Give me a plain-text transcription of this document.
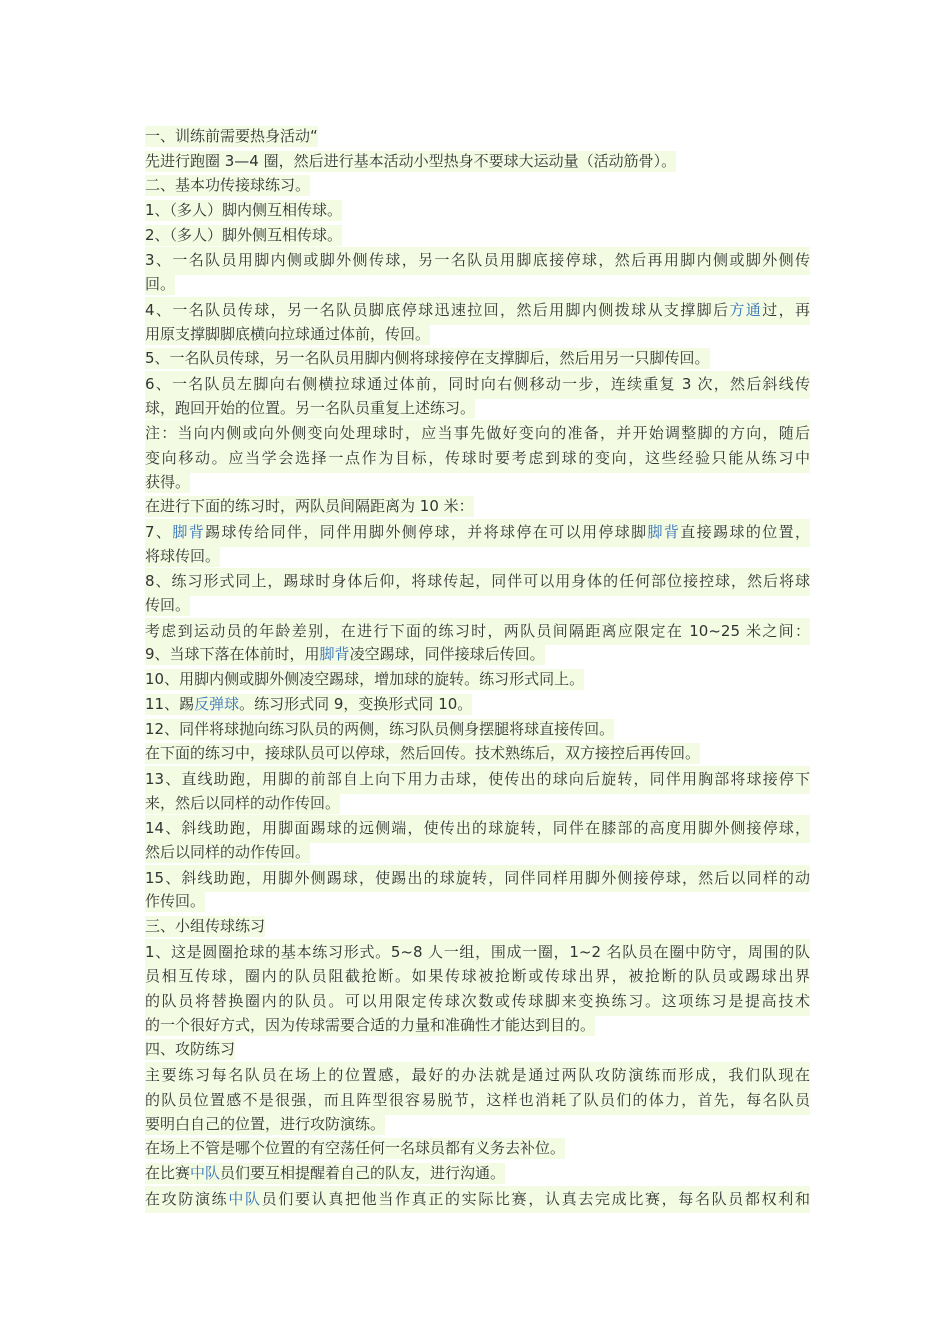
一、训练前需要热身活动“
先进行跑圈 3—4 圈，然后进行基本活动小型热身不要球大运动量（活动筋骨）。
二、基本功传接球练习。
1、（多人）脚内侧互相传球。
2、（多人）脚外侧互相传球。
3、一名队员用脚内侧或脚外侧传球，另一名队员用脚底接停球，然后再用脚内侧或脚外侧传
回。
4、一名队员传球，另一名队员脚底停球迅速拉回，然后用脚内侧拨球从支撑脚后方通过，再
用原支撑脚脚底横向拉球通过体前，传回。
5、一名队员传球，另一名队员用脚内侧将球接停在支撑脚后，然后用另一只脚传回。
6、一名队员左脚向右侧横拉球通过体前，同时向右侧移动一步，连续重复 3 次，然后斜线传
球，跑回开始的位置。另一名队员重复上述练习。
注：当向内侧或向外侧变向处理球时，应当事先做好变向的准备，并开始调整脚的方向，随后
变向移动。应当学会选择一点作为目标，传球时要考虑到球的变向，这些经验只能从练习中
获得。
在进行下面的练习时，两队员间隔距离为 10 米：
7、脚背踢球传给同伴，同伴用脚外侧停球，并将球停在可以用停球脚脚背直接踢球的位置，
将球传回。
8、练习形式同上，踢球时身体后仰，将球传起，同伴可以用身体的任何部位接控球，然后将球
传回。
考虑到运动员的年龄差别，在进行下面的练习时，两队员间隔距离应限定在 10~25 米之间：
9、当球下落在体前时，用脚背凌空踢球，同伴接球后传回。
10、用脚内侧或脚外侧凌空踢球，增加球的旋转。练习形式同上。
11、踢反弹球。练习形式同 9，变换形式同 10。
12、同伴将球抛向练习队员的两侧，练习队员侧身摆腿将球直接传回。
在下面的练习中，接球队员可以停球，然后回传。技术熟练后，双方接控后再传回。
13、直线助跑，用脚的前部自上向下用力击球，使传出的球向后旋转，同伴用胸部将球接停下
来，然后以同样的动作传回。
14、斜线助跑，用脚面踢球的远侧端，使传出的球旋转，同伴在膝部的高度用脚外侧接停球，
然后以同样的动作传回。
15、斜线助跑，用脚外侧踢球，使踢出的球旋转，同伴同样用脚外侧接停球，然后以同样的动
作传回。
三、小组传球练习
1、这是圆圈抢球的基本练习形式。5~8 人一组，围成一圈，1~2 名队员在圈中防守，周围的队
员相互传球，圈内的队员阻截抢断。如果传球被抢断或传球出界，被抢断的队员或踢球出界
的队员将替换圈内的队员。可以用限定传球次数或传球脚来变换练习。这项练习是提高技术
的一个很好方式，因为传球需要合适的力量和准确性才能达到目的。
四、攻防练习
主要练习每名队员在场上的位置感，最好的办法就是通过两队攻防演练而形成，我们队现在
的队员位置感不是很强，而且阵型很容易脱节，这样也消耗了队员们的体力，首先，每名队员
要明白自己的位置，进行攻防演练。
在场上不管是哪个位置的有空荡任何一名球员都有义务去补位。
在比赛中队员们要互相提醒着自己的队友，进行沟通。
在攻防演练中队员们要认真把他当作真正的实际比赛，认真去完成比赛，每名队员都权利和
